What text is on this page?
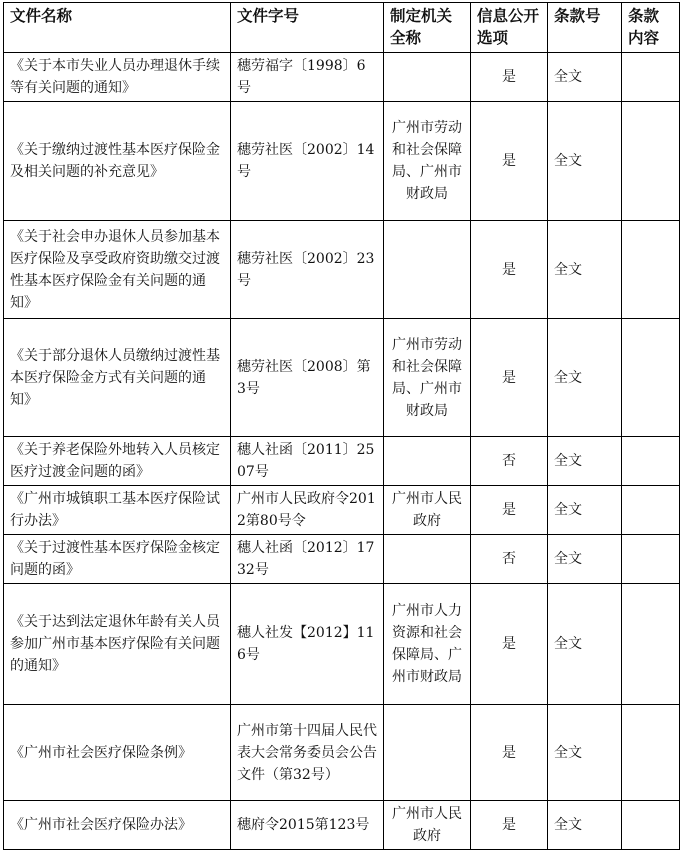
文件名称	文件字号	制定机关全称	信息公开选项	条款号	条款内容
《关于本市失业人员办理退休手续等有关问题的通知》	穗劳福字〔1998〕6号		是	全文	
《关于缴纳过渡性基本医疗保险金及相关问题的补充意见》	穗劳社医〔2002〕14号	广州市劳动和社会保障局、广州市财政局	是	全文	
《关于社会申办退休人员参加基本医疗保险及享受政府资助缴交过渡性基本医疗保险金有关问题的通知》	穗劳社医〔2002〕23号		是	全文	
《关于部分退休人员缴纳过渡性基本医疗保险金方式有关问题的通知》	穗劳社医〔2008〕第3号	广州市劳动和社会保障局、广州市财政局	是	全文	
《关于养老保险外地转入人员核定医疗过渡金问题的函》	穗人社函〔2011〕2507号		否	全文	
《广州市城镇职工基本医疗保险试行办法》	广州市人民政府令2012第80号令	广州市人民政府	是	全文	
《关于过渡性基本医疗保险金核定问题的函》	穗人社函〔2012〕1732号		否	全文	
《关于达到法定退休年龄有关人员参加广州市基本医疗保险有关问题的通知》	穗人社发【2012】116号	广州市人力资源和社会保障局、广州市财政局	是	全文	
《广州市社会医疗保险条例》	广州市第十四届人民代表大会常务委员会公告文件（第32号）		是	全文	
《广州市社会医疗保险办法》	穗府令2015第123号	广州市人民政府	是	全文	
